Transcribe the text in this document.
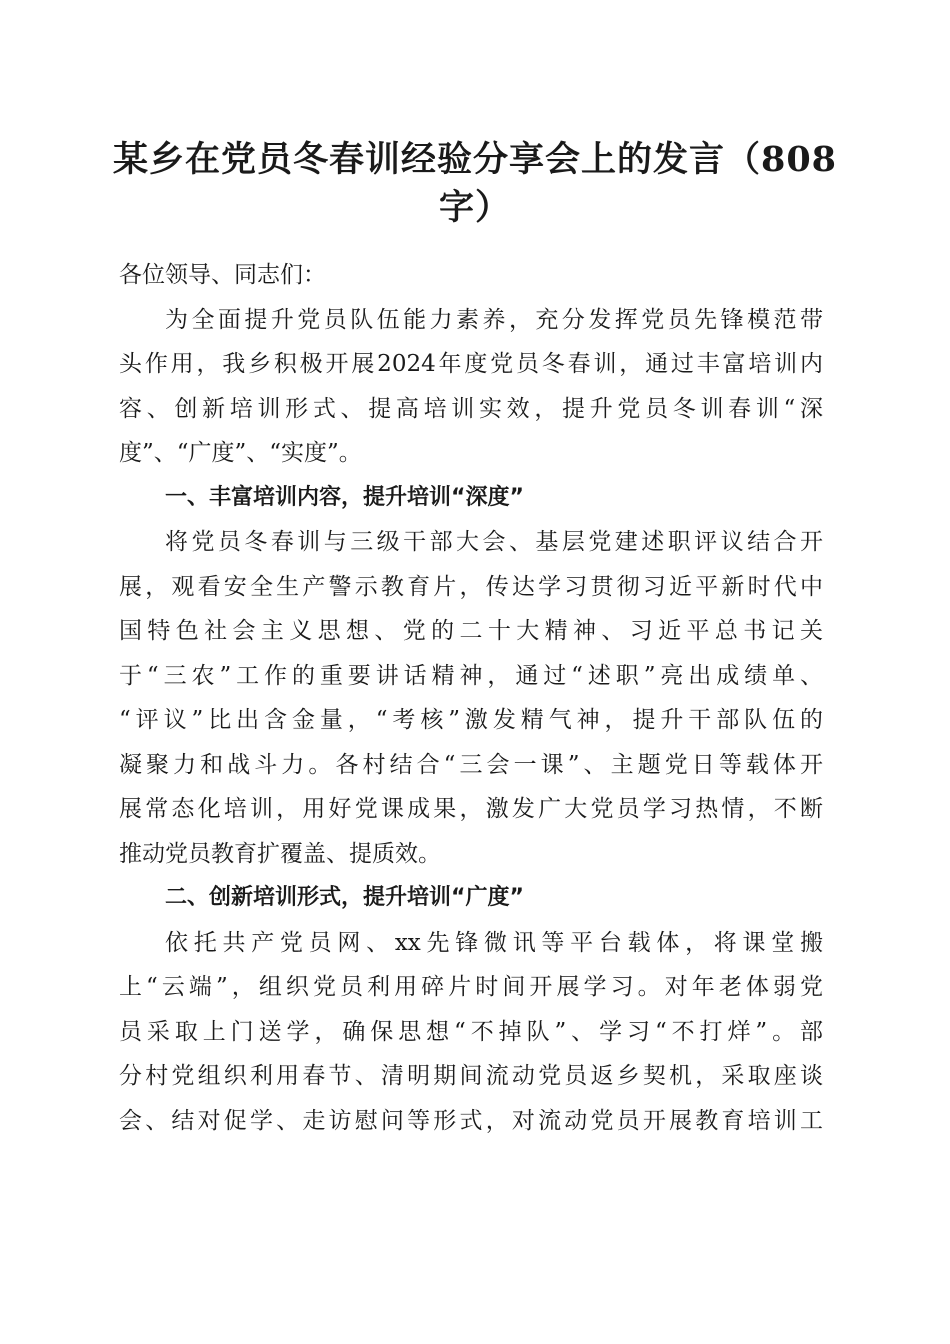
某乡在党员冬春训经验分享会上的发言（808
字）
各位领导、同志们：
为全面提升党员队伍能力素养，充分发挥党员先锋模范带
头作用，我乡积极开展2024年度党员冬春训，通过丰富培训内
容、创新培训形式、提高培训实效，提升党员冬训春训“深
度”、“广度”、“实度”。
一、丰富培训内容，提升培训“深度”
将党员冬春训与三级干部大会、基层党建述职评议结合开
展，观看安全生产警示教育片，传达学习贯彻习近平新时代中
国特色社会主义思想、党的二十大精神、习近平总书记关
于“三农”工作的重要讲话精神，通过“述职”亮出成绩单、
“评议”比出含金量，“考核”激发精气神，提升干部队伍的
凝聚力和战斗力。各村结合“三会一课”、主题党日等载体开
展常态化培训，用好党课成果，激发广大党员学习热情，不断
推动党员教育扩覆盖、提质效。
二、创新培训形式，提升培训“广度”
依托共产党员网、xx先锋微讯等平台载体，将课堂搬
上“云端”，组织党员利用碎片时间开展学习。对年老体弱党
员采取上门送学，确保思想“不掉队”、学习“不打烊”。部
分村党组织利用春节、清明期间流动党员返乡契机，采取座谈
会、结对促学、走访慰问等形式，对流动党员开展教育培训工
